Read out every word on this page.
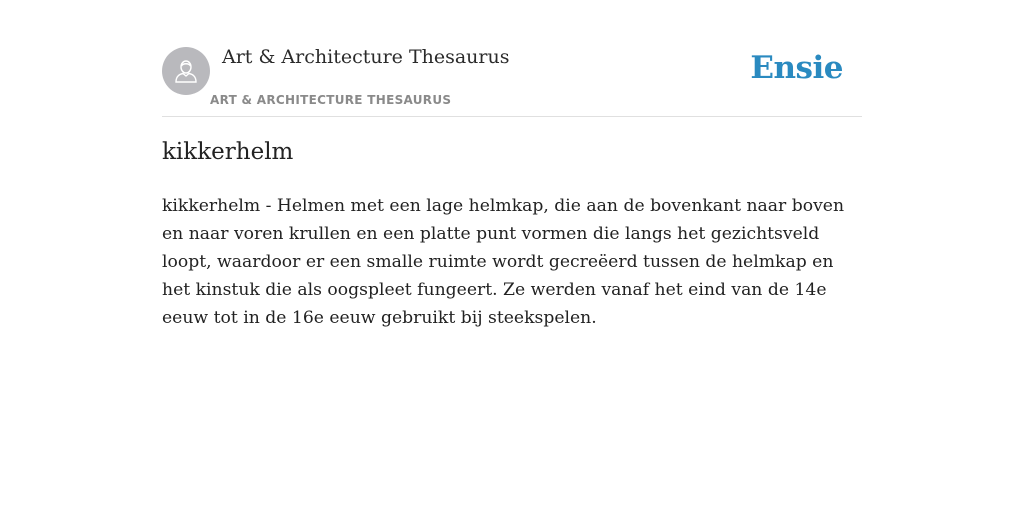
Art & Architecture Thesaurus
ART & ARCHITECTURE THESAURUS
Ensie
kikkerhelm

kikkerhelm - Helmen met een lage helmkap, die aan de bovenkant naar boven en naar voren krullen en een platte punt vormen die langs het gezichtsveld loopt, waardoor er een smalle ruimte wordt gecreëerd tussen de helmkap en het kinstuk die als oogspleet fungeert. Ze werden vanaf het eind van de 14e eeuw tot in de 16e eeuw gebruikt bij steekspelen.
